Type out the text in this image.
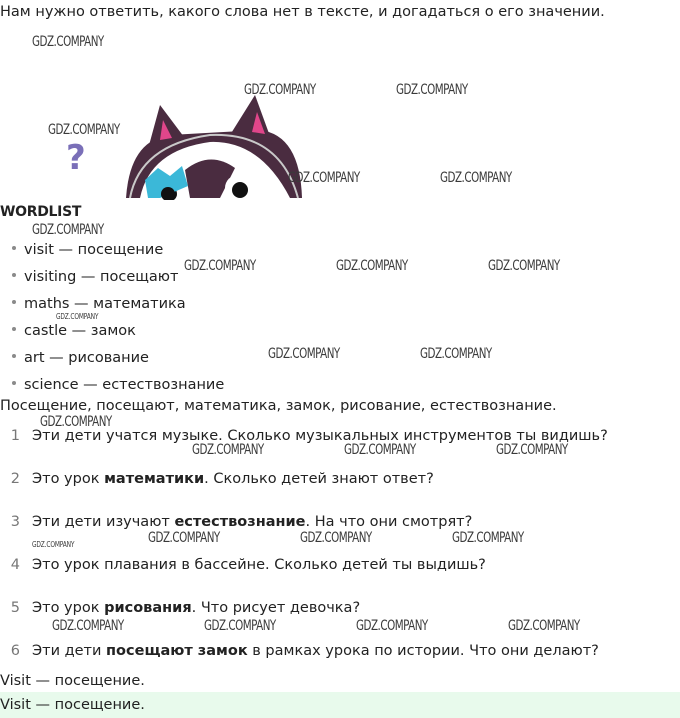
Нам нужно ответить, какого слова нет в тексте, и догадаться о его значении.
GDZ.COMPANY
GDZ.COMPANY	GDZ.COMPANY
GDZ.COMPANY
?	GDZ.COMPANY	GDZ.COMPANY
WORDLIST
GDZ.COMPANY
visit — посещение
visiting — посещают
maths — математика
castle — замок
art — рисование
science — естествознание
GDZ.COMPANY	GDZ.COMPANY	GDZ.COMPANY
GDZ.COMPANY
GDZ.COMPANY	GDZ.COMPANY
Посещение, посещают, математика, замок, рисование, естествознание.
GDZ.COMPANY
1 Эти дети учатся музыке. Сколько музыкальных инструментов ты видишь?
GDZ.COMPANY	GDZ.COMPANY	GDZ.COMPANY
2 Это урок математики. Сколько детей знают ответ?
3 Эти дети изучают естествознание. На что они смотрят?
GDZ.COMPANY	GDZ.COMPANY	GDZ.COMPANY	GDZ.COMPANY
4 Это урок плавания в бассейне. Сколько детей ты выдишь?
5 Это урок рисования. Что рисует девочка?
GDZ.COMPANY	GDZ.COMPANY	GDZ.COMPANY	GDZ.COMPANY
6 Эти дети посещают замок в рамках урока по истории. Что они делают?
Visit — посещение.
Visit — посещение.
